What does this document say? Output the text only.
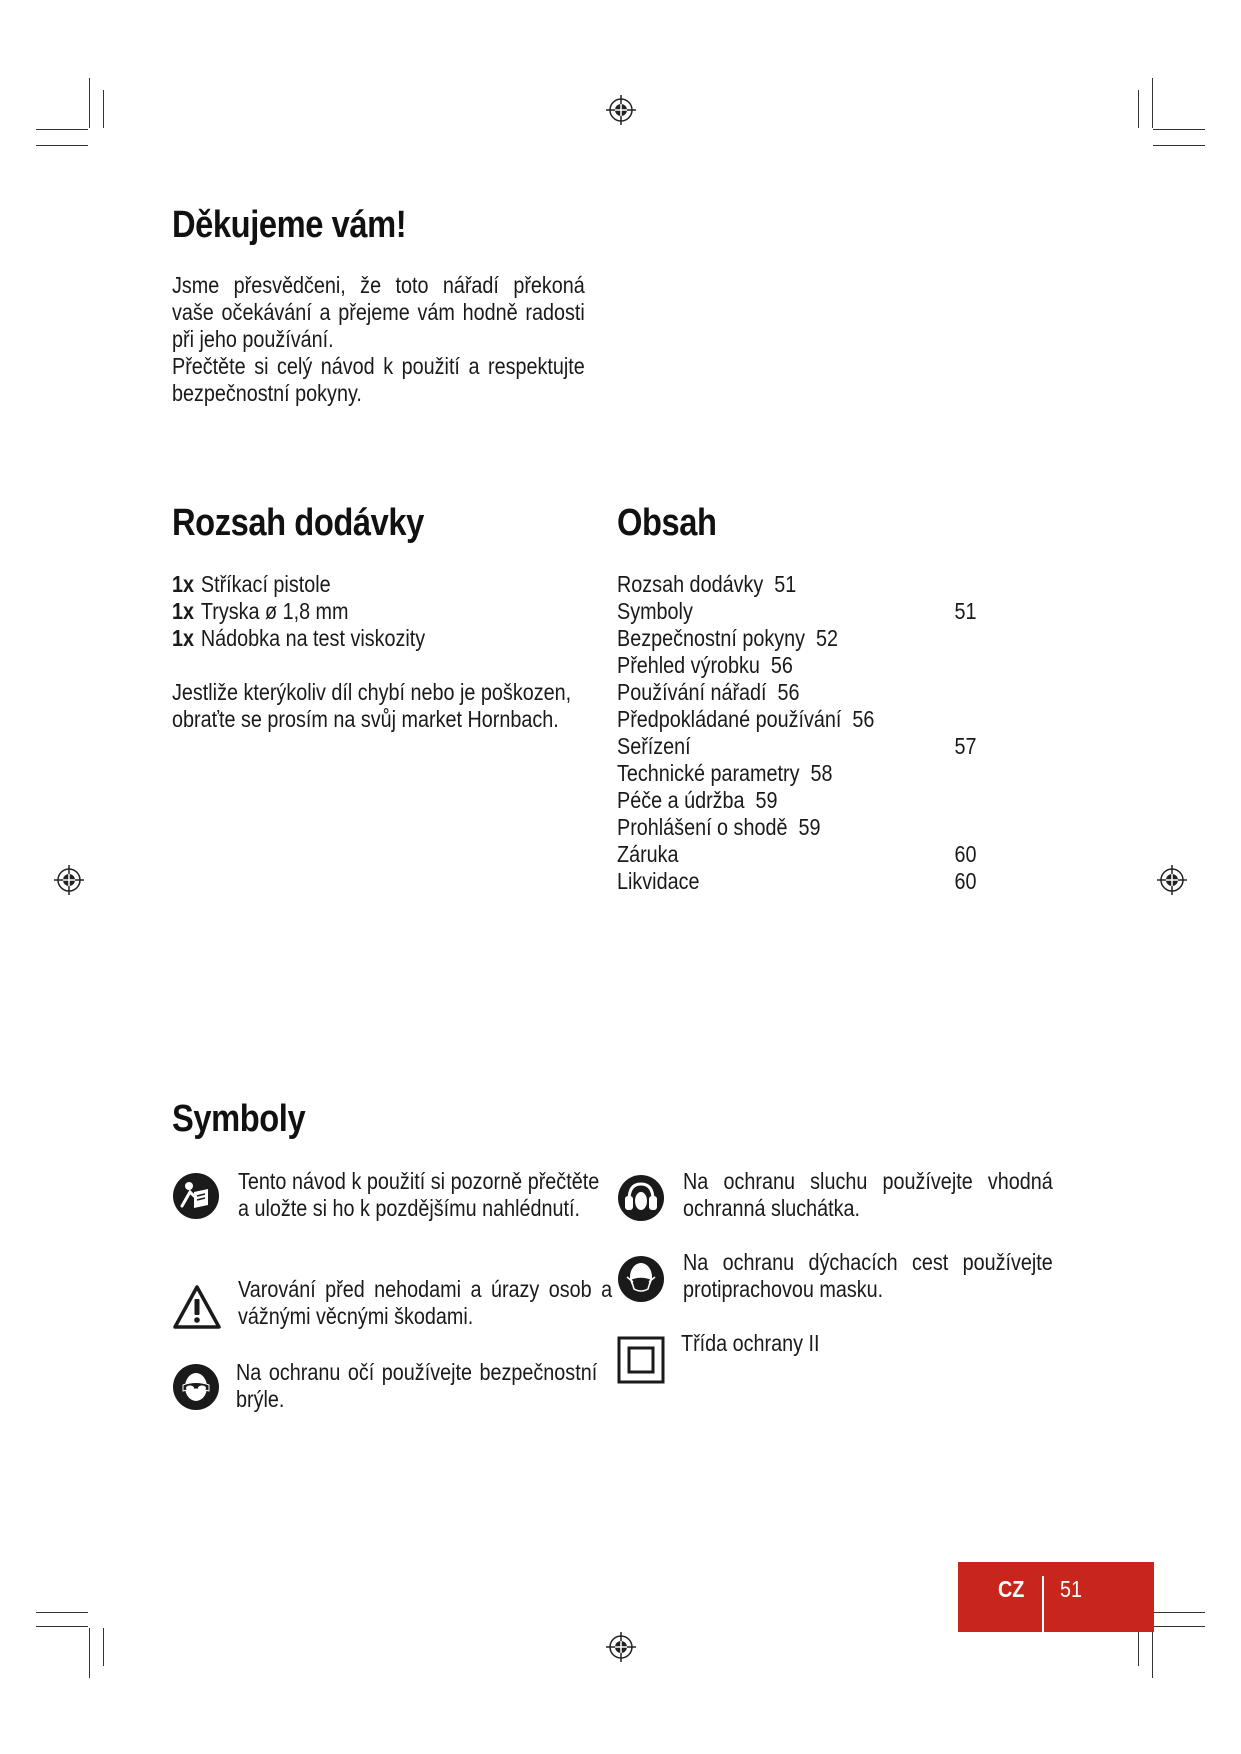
Děkujeme vám!
Jsme přesvědčeni, že toto nářadí překoná vaše očekávání a přejeme vám hodně radosti při jeho používání.
Přečtěte si celý návod k použití a respektujte bezpečnostní pokyny.
Rozsah dodávky
1x Stříkací pistole
1x Tryska ø 1,8 mm
1x Nádobka na test viskozity
Jestliže kterýkoliv díl chybí nebo je poškozen, obraťte se prosím na svůj market Hornbach.
Obsah
Rozsah dodávky 51
Symboly	51
Bezpečnostní pokyny 52
Přehled výrobku 56
Používání nářadí 56
Předpokládané používání 56
Seřízení	57
Technické parametry 58
Péče a údržba 59
Prohlášení o shodě 59
Záruka	60
Likvidace	60
Symboly
Tento návod k použití si pozorně přečtěte a uložte si ho k pozdějšímu nahlédnutí.
Varování před nehodami a úrazy osob a vážnými věcnými škodami.
Na ochranu očí používejte bezpečnostní brýle.
Na ochranu sluchu používejte vhodná ochranná sluchátka.
Na ochranu dýchacích cest používejte protiprachovou masku.
Třída ochrany II
CZ 51
